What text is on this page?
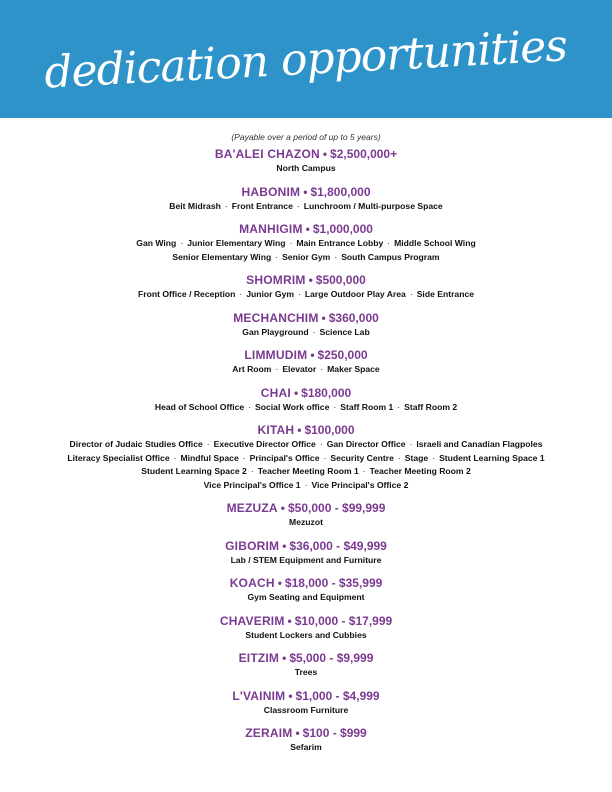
dedication opportunities
(Payable over a period of up to 5 years)
BA'ALEI CHAZON • $2,500,000+
North Campus
HABONIM • $1,800,000
Beit Midrash · Front Entrance · Lunchroom / Multi-purpose Space
MANHIGIM • $1,000,000
Gan Wing · Junior Elementary Wing · Main Entrance Lobby · Middle School Wing
Senior Elementary Wing · Senior Gym · South Campus Program
SHOMRIM • $500,000
Front Office / Reception · Junior Gym · Large Outdoor Play Area · Side Entrance
MECHANCHIM • $360,000
Gan Playground · Science Lab
LIMMUDIM • $250,000
Art Room · Elevator · Maker Space
CHAI • $180,000
Head of School Office · Social Work office · Staff Room 1 · Staff Room 2
KITAH • $100,000
Director of Judaic Studies Office · Executive Director Office · Gan Director Office · Israeli and Canadian Flagpoles
Literacy Specialist Office · Mindful Space · Principal's Office · Security Centre · Stage · Student Learning Space 1
Student Learning Space 2 · Teacher Meeting Room 1 · Teacher Meeting Room 2
Vice Principal's Office 1 · Vice Principal's Office 2
MEZUZA • $50,000 - $99,999
Mezuzot
GIBORIM • $36,000 - $49,999
Lab / STEM Equipment and Furniture
KOACH • $18,000 - $35,999
Gym Seating and Equipment
CHAVERIM • $10,000 - $17,999
Student Lockers and Cubbies
EITZIM • $5,000 - $9,999
Trees
L'VAINIM • $1,000 - $4,999
Classroom Furniture
ZERAIM • $100 - $999
Sefarim
